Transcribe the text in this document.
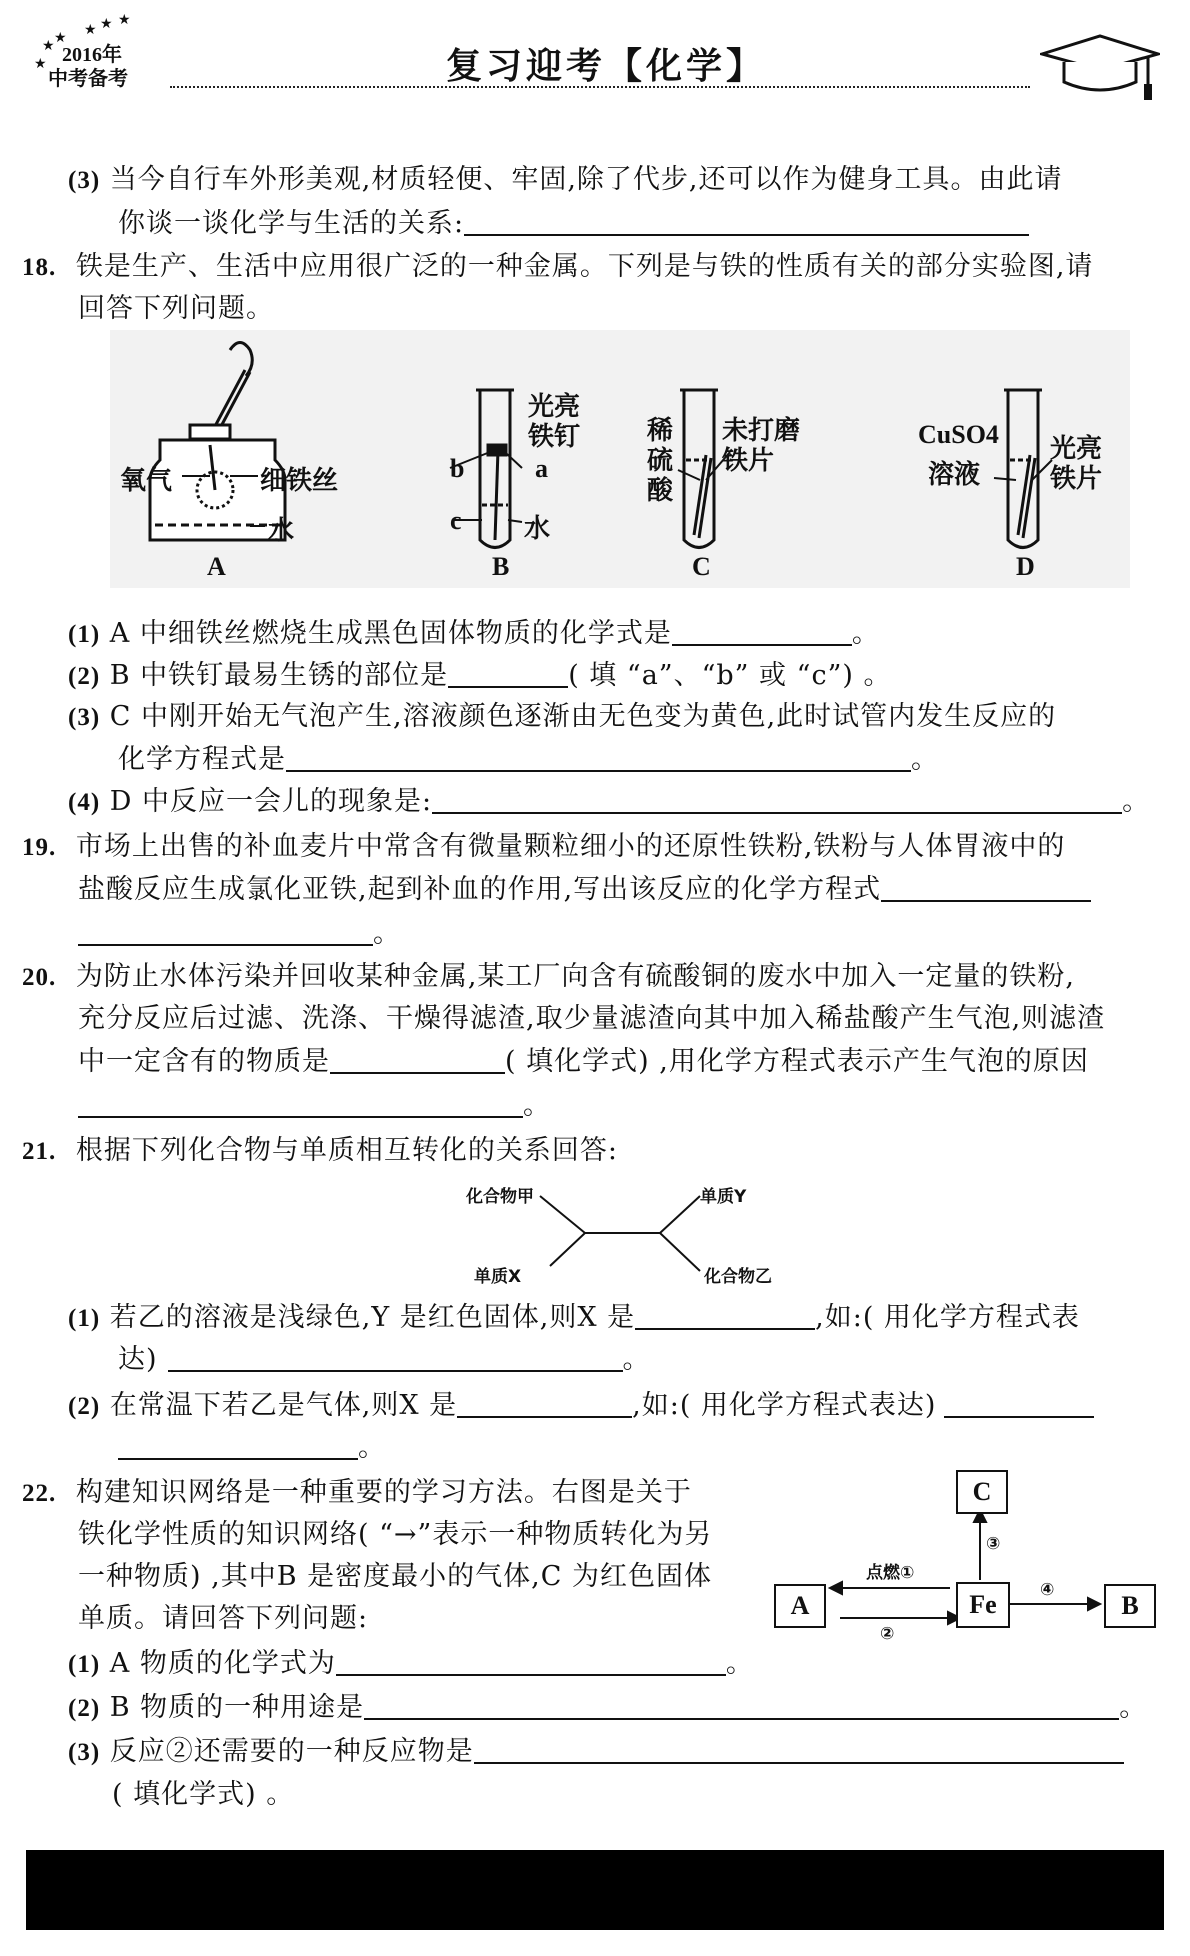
★ ★
★
★
★
★
2016年
中考备考	复习迎考【化学】
(3) 当今自行车外形美观,材质轻便、牢固,除了代步,还可以作为健身工具。由此请
你谈一谈化学与生活的关系:
18. 铁是生产、生活中应用很广泛的一种金属。下列是与铁的性质有关的部分实验图,请
回答下列问题。
氧气	细铁丝
水
A
光亮铁钉
b	a
c 水
B
稀硫酸
未打磨铁片
C
CuSO4
溶液
光亮铁片
D
(1) A 中细铁丝燃烧生成黑色固体物质的化学式是	。
(2) B 中铁钉最易生锈的部位是	( 填 “a”、“b” 或 “c”) 。
(3) C 中刚开始无气泡产生,溶液颜色逐渐由无色变为黄色,此时试管内发生反应的
化学方程式是	。
(4) D 中反应一会儿的现象是:	。
19. 市场上出售的补血麦片中常含有微量颗粒细小的还原性铁粉,铁粉与人体胃液中的
盐酸反应生成氯化亚铁,起到补血的作用,写出该反应的化学方程式
。
20. 为防止水体污染并回收某种金属,某工厂向含有硫酸铜的废水中加入一定量的铁粉,
充分反应后过滤、洗涤、干燥得滤渣,取少量滤渣向其中加入稀盐酸产生气泡,则滤渣
中一定含有的物质是	( 填化学式) ,用化学方程式表示产生气泡的原因
。
21. 根据下列化合物与单质相互转化的关系回答:
化合物甲	单质Y
单质X	化合物乙
(1) 若乙的溶液是浅绿色,Y 是红色固体,则X 是	,如:( 用化学方程式表
达)	。
(2) 在常温下若乙是气体,则X 是	,如:( 用化学方程式表达)
。
22. 构建知识网络是一种重要的学习方法。右图是关于
铁化学性质的知识网络( “→”表示一种物质转化为另
一种物质) ,其中B 是密度最小的气体,C 为红色固体
单质。请回答下列问题:
C
A	Fe	B
点燃①
②
③
④
(1) A 物质的化学式为	。
(2) B 物质的一种用途是	。
(3) 反应②还需要的一种反应物是
( 填化学式) 。
